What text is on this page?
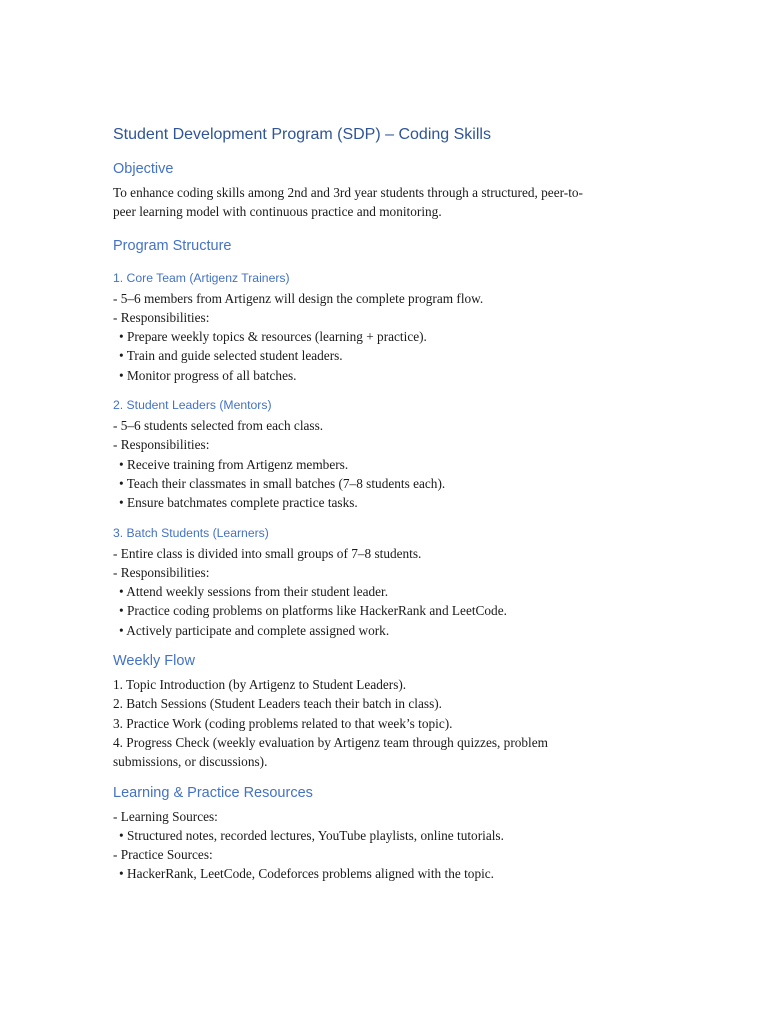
Student Development Program (SDP) – Coding Skills
Objective
To enhance coding skills among 2nd and 3rd year students through a structured, peer-to-
peer learning model with continuous practice and monitoring.
Program Structure
1. Core Team (Artigenz Trainers)
- 5–6 members from Artigenz will design the complete program flow.
- Responsibilities:
• Prepare weekly topics & resources (learning + practice).
• Train and guide selected student leaders.
• Monitor progress of all batches.
2. Student Leaders (Mentors)
- 5–6 students selected from each class.
- Responsibilities:
• Receive training from Artigenz members.
• Teach their classmates in small batches (7–8 students each).
• Ensure batchmates complete practice tasks.
3. Batch Students (Learners)
- Entire class is divided into small groups of 7–8 students.
- Responsibilities:
• Attend weekly sessions from their student leader.
• Practice coding problems on platforms like HackerRank and LeetCode.
• Actively participate and complete assigned work.
Weekly Flow
1. Topic Introduction (by Artigenz to Student Leaders).
2. Batch Sessions (Student Leaders teach their batch in class).
3. Practice Work (coding problems related to that week’s topic).
4. Progress Check (weekly evaluation by Artigenz team through quizzes, problem
submissions, or discussions).
Learning & Practice Resources
- Learning Sources:
• Structured notes, recorded lectures, YouTube playlists, online tutorials.
- Practice Sources:
• HackerRank, LeetCode, Codeforces problems aligned with the topic.
